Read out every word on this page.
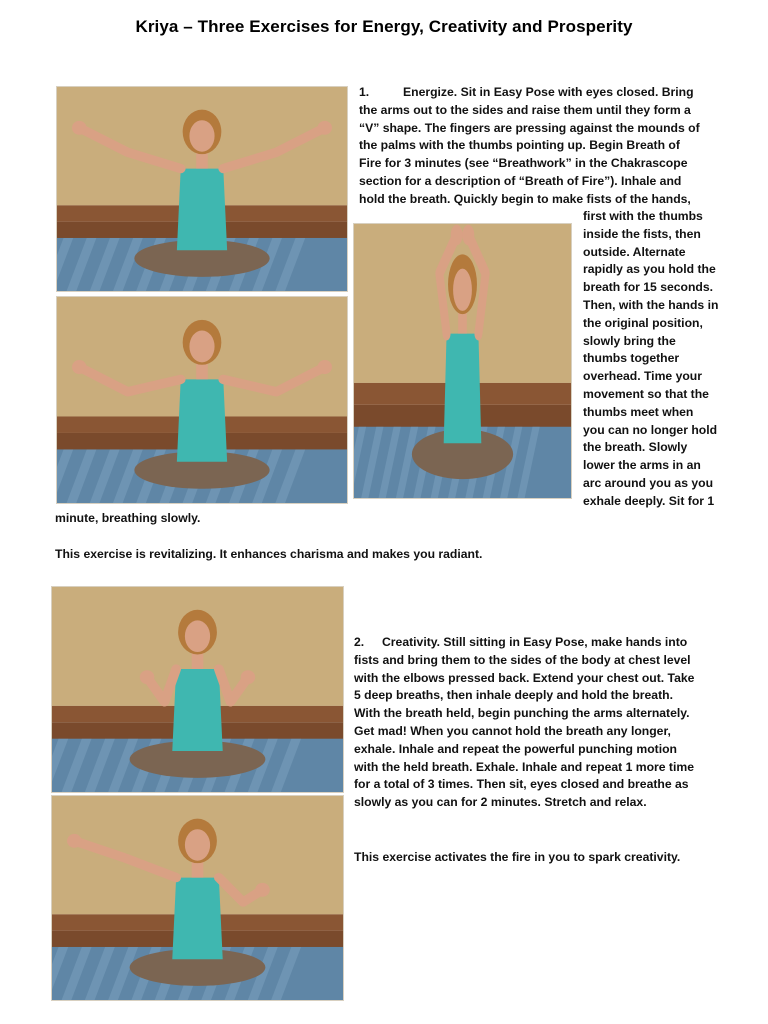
Kriya – Three Exercises for Energy, Creativity and Prosperity
1.	Energize. Sit in Easy Pose with eyes closed. Bring
the arms out to the sides and raise them until they form a
“V” shape. The fingers are pressing against the mounds of
the palms with the thumbs pointing up. Begin Breath of
Fire for 3 minutes (see “Breathwork” in the Chakrascope
section for a description of “Breath of Fire”). Inhale and
hold the breath. Quickly begin to make fists of the hands,
first with the thumbs
inside the fists, then
outside. Alternate
rapidly as you hold the
breath for 15 seconds.
Then, with the hands in
the original position,
slowly bring the
thumbs together
overhead. Time your
movement so that the
thumbs meet when
you can no longer hold
the breath. Slowly
lower the arms in an
arc around you as you
exhale deeply. Sit for 1
minute, breathing slowly.
This exercise is revitalizing. It enhances charisma and makes you radiant.
2. Creativity. Still sitting in Easy Pose, make hands into
fists and bring them to the sides of the body at chest level
with the elbows pressed back. Extend your chest out. Take
5 deep breaths, then inhale deeply and hold the breath.
With the breath held, begin punching the arms alternately.
Get mad! When you cannot hold the breath any longer,
exhale. Inhale and repeat the powerful punching motion
with the held breath. Exhale. Inhale and repeat 1 more time
for a total of 3 times. Then sit, eyes closed and breathe as
slowly as you can for 2 minutes. Stretch and relax.
This exercise activates the fire in you to spark creativity.
